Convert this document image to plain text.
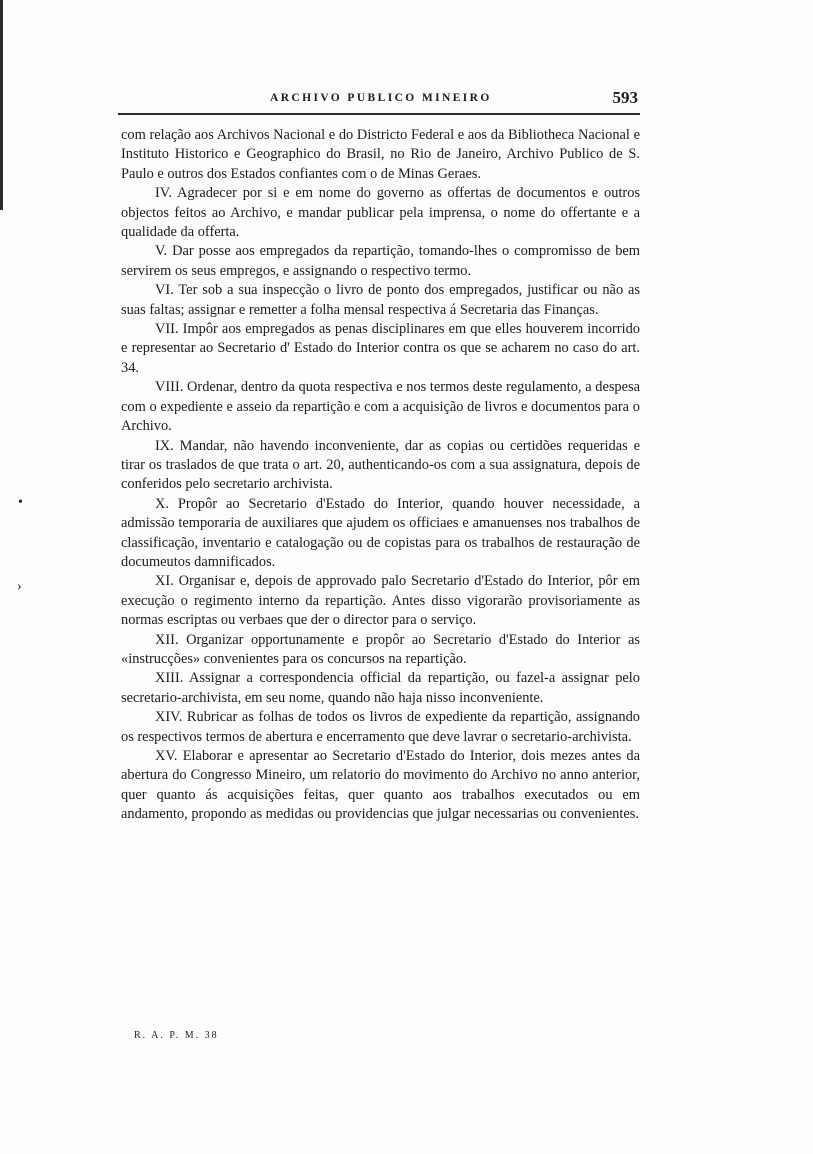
•
›
ARCHIVO PUBLICO MINEIRO	593

com relação aos Archivos Nacional e do Districto Federal e aos da Bibliotheca Nacional e Instituto Historico e Geographico do Brasil, no Rio de Janeiro, Archivo Publico de S. Paulo e outros dos Estados confiantes com o de Minas Geraes.

IV. Agradecer por si e em nome do governo as offertas de documentos e outros objectos feitos ao Archivo, e mandar publicar pela imprensa, o nome do offertante e a qualidade da offerta.

V. Dar posse aos empregados da repartição, tomando-lhes o compromisso de bem servirem os seus empregos, e assignando o respectivo termo.

VI. Ter sob a sua inspecção o livro de ponto dos empregados, justificar ou não as suas faltas; assignar e remetter a folha mensal respectiva á Secretaria das Finanças.

VII. Impôr aos empregados as penas disciplinares em que elles houverem incorrido e representar ao Secretario d' Estado do Interior contra os que se acharem no caso do art. 34.

VIII. Ordenar, dentro da quota respectiva e nos termos deste regulamento, a despesa com o expediente e asseio da repartição e com a acquisição de livros e documentos para o Archivo.

IX. Mandar, não havendo inconveniente, dar as copias ou certidões requeridas e tirar os traslados de que trata o art. 20, authenticando-os com a sua assignatura, depois de conferidos pelo secretario archivista.

X. Propôr ao Secretario d'Estado do Interior, quando houver necessidade, a admissão temporaria de auxiliares que ajudem os officiaes e amanuenses nos trabalhos de classificação, inventario e catalogação ou de copistas para os trabalhos de restauração de documeutos damnificados.

XI. Organisar e, depois de approvado palo Secretario d'Estado do Interior, pôr em execução o regimento interno da repartição. Antes disso vigorarão provisoriamente as normas escriptas ou verbaes que der o director para o serviço.

XII. Organizar opportunamente e propôr ao Secretario d'Estado do Interior as «instrucções» convenientes para os concursos na repartição.

XIII. Assignar a correspondencia official da repartição, ou fazel-a assignar pelo secretario-archivista, em seu nome, quando não haja nisso inconveniente.

XIV. Rubricar as folhas de todos os livros de expediente da repartição, assignando os respectivos termos de abertura e encerramento que deve lavrar o secretario-archivista.

XV. Elaborar e apresentar ao Secretario d'Estado do Interior, dois mezes antes da abertura do Congresso Mineiro, um relatorio do movimento do Archivo no anno anterior, quer quanto ás acquisições feitas, quer quanto aos trabalhos executados ou em andamento, propondo as medidas ou providencias que julgar necessarias ou convenientes.

R. A. P. M. 38
